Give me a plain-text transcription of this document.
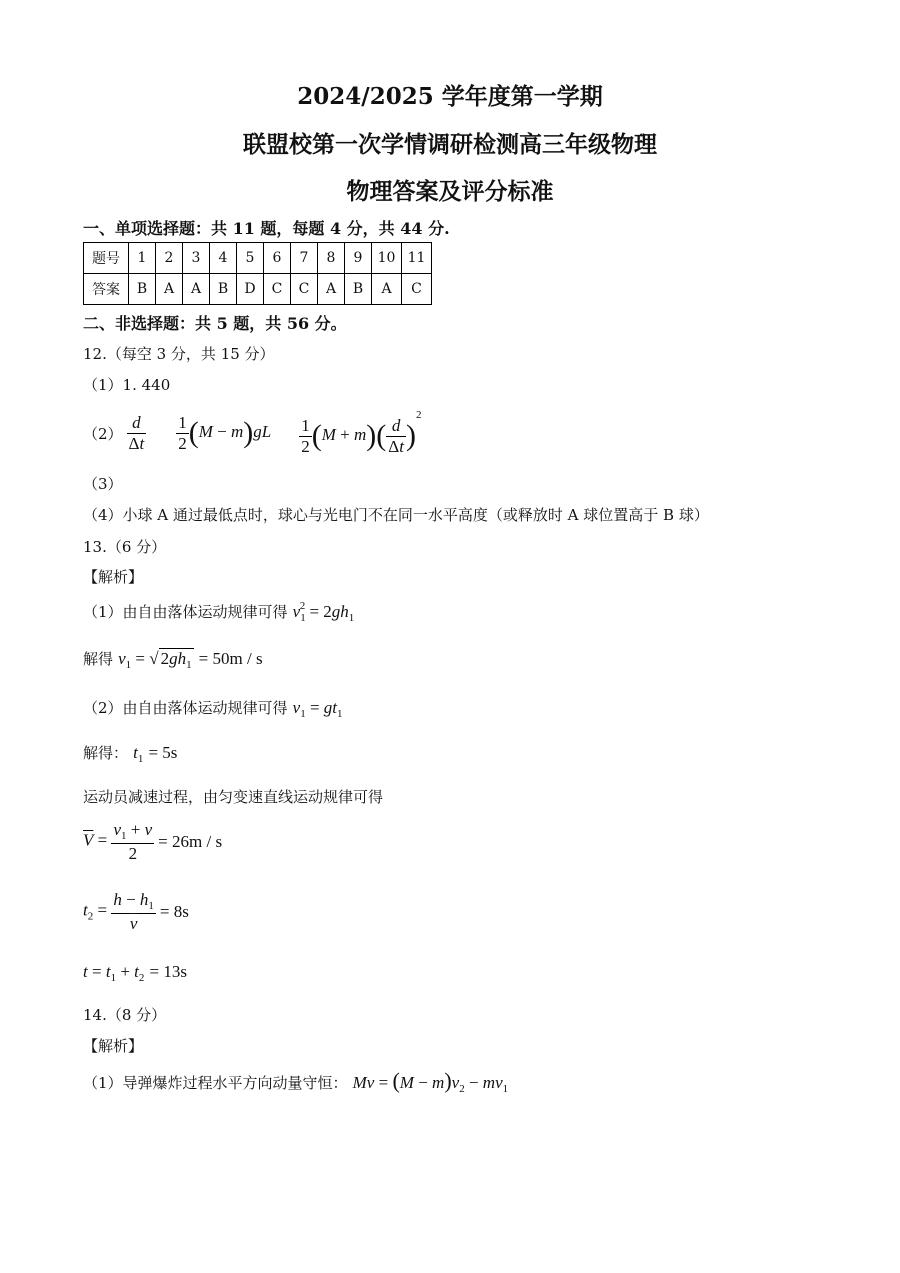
2024/2025 学年度第一学期
联盟校第一次学情调研检测高三年级物理
物理答案及评分标准
一、单项选择题：共 11 题，每题 4 分，共 44 分.
题号	1	2	3	4	5	6	7	8	9	10	11
答案	B	A	A	B	D	C	C	A	B	A	C
二、非选择题：共 5 题，共 56 分。
12.（每空 3 分，共 15 分）
（1）1. 440
$(2) \frac{d}{\Delta t} \frac{1}{2} (M - m)gL \frac{1}{2} (M + m)( \frac{d}{\Delta t} )^2$
（3）
（4）小球 A 通过最低点时，球心与光电门不在同一水平高度（或释放时 A 球位置高于 B 球）
13.（6 分）
【解析】
（1）由自由落体运动规律可得 $v_1^2 = 2gh_1$
解得 $v_1$ = √ $2gh_1 = 50m / s$
（2）由自由落体运动规律可得 $v_1 = gt_1$
解得： $t_1 = 5s$
运动员减速过程，由匀变速直线运动规律可得
$\overline{V} = \frac{v_1 + v}{2} = 26m / s$
$t_2 = \frac{h - h_1}{v} = 8s$
$t = t_1 + t_2 = 13s$
14.（8 分）
【解析】
（1）导弹爆炸过程水平方向动量守恒： $Mv = (M - m)v_2 - mv_1$
